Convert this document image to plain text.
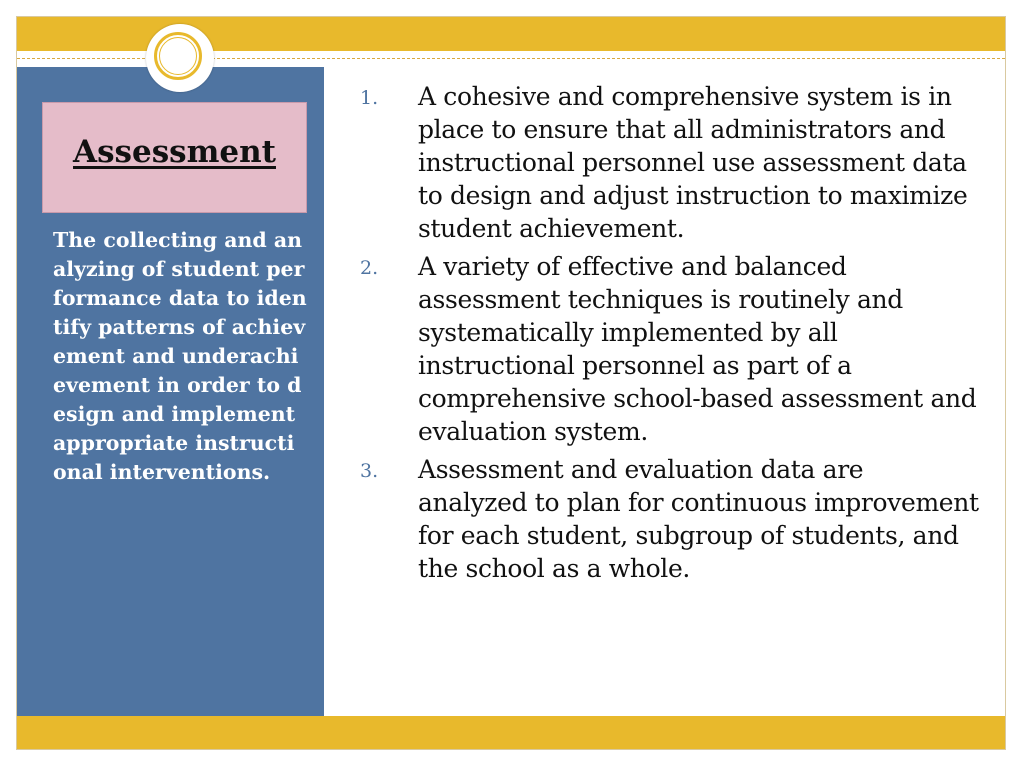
Assessment

The collecting and analyzing of student performance data to identify patterns of achievement and underachievement in order to design and implement appropriate instructional interventions.

1. A cohesive and comprehensive system is in place to ensure that all administrators and instructional personnel use assessment data to design and adjust instruction to maximize student achievement.
2. A variety of effective and balanced assessment techniques is routinely and systematically implemented by all instructional personnel as part of a comprehensive school-based assessment and evaluation system.
3. Assessment and evaluation data are analyzed to plan for continuous improvement for each student, subgroup of students, and the school as a whole.
